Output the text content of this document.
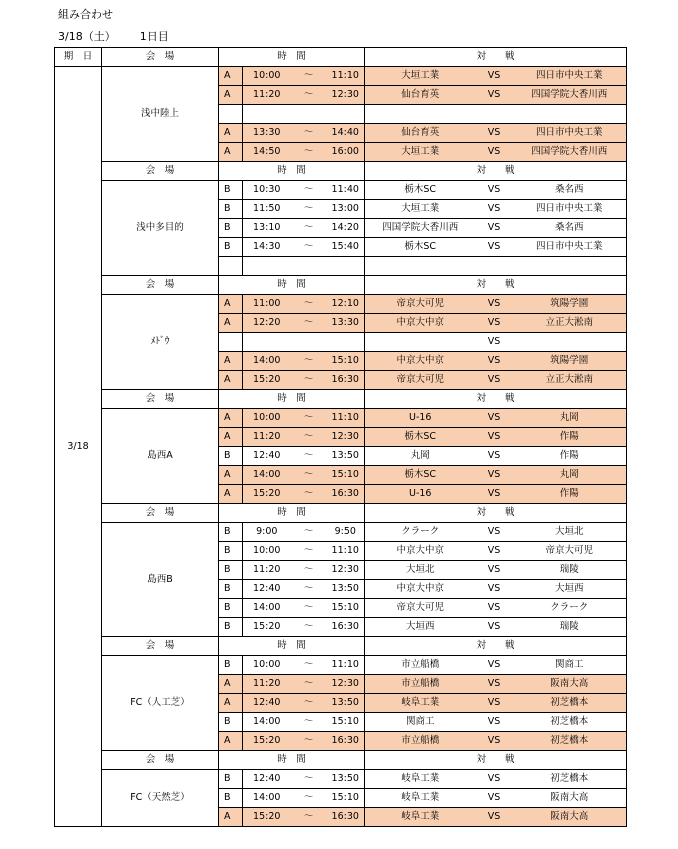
組み合わせ
3/18（土） 1日目
期　日	会　場	時　間				対　　戦		
3/18	浅中陸上	A	10:00	～	11:10	大垣工業	VS	四日市中央工業
		A	11:20	～	12:30	仙台育英	VS	四国学院大香川西

		A	13:30	～	14:40	仙台育英	VS	四日市中央工業
		A	14:50	～	16:00	大垣工業	VS	四国学院大香川西
	会　場	時　間				対　　戦		
	浅中多目的	B	10:30	～	11:40	栃木SC	VS	桑名西
		B	11:50	～	13:00	大垣工業	VS	四日市中央工業
		B	13:10	～	14:20	四国学院大香川西	VS	桑名西
		B	14:30	～	15:40	栃木SC	VS	四日市中央工業

	会　場	時　間				対　　戦		
	ﾒﾄﾞｳ	A	11:00	～	12:10	帝京大可児	VS	筑陽学園
		A	12:20	～	13:30	中京大中京	VS	立正大淞南
							VS	
		A	14:00	～	15:10	中京大中京	VS	筑陽学園
		A	15:20	～	16:30	帝京大可児	VS	立正大淞南
	会　場	時　間				対　　戦		
	島西A	A	10:00	～	11:10	U-16	VS	丸岡
		A	11:20	～	12:30	栃木SC	VS	作陽
		B	12:40	～	13:50	丸岡	VS	作陽
		A	14:00	～	15:10	栃木SC	VS	丸岡
		A	15:20	～	16:30	U-16	VS	作陽
	会　場	時　間				対　　戦		
	島西B	B	9:00	～	9:50	クラーク	VS	大垣北
		B	10:00	～	11:10	中京大中京	VS	帝京大可児
		B	11:20	～	12:30	大垣北	VS	瑞陵
		B	12:40	～	13:50	中京大中京	VS	大垣西
		B	14:00	～	15:10	帝京大可児	VS	クラーク
		B	15:20	～	16:30	大垣西	VS	瑞陵
	会　場	時　間				対　　戦		
	FC（人工芝）	B	10:00	～	11:10	市立船橋	VS	関商工
		A	11:20	～	12:30	市立船橋	VS	阪南大高
		A	12:40	～	13:50	岐阜工業	VS	初芝橋本
		B	14:00	～	15:10	関商工	VS	初芝橋本
		A	15:20	～	16:30	市立船橋	VS	初芝橋本
	会　場	時　間				対　　戦		
	FC（天然芝）	B	12:40	～	13:50	岐阜工業	VS	初芝橋本
		B	14:00	～	15:10	岐阜工業	VS	阪南大高
		A	15:20	～	16:30	岐阜工業	VS	阪南大高
